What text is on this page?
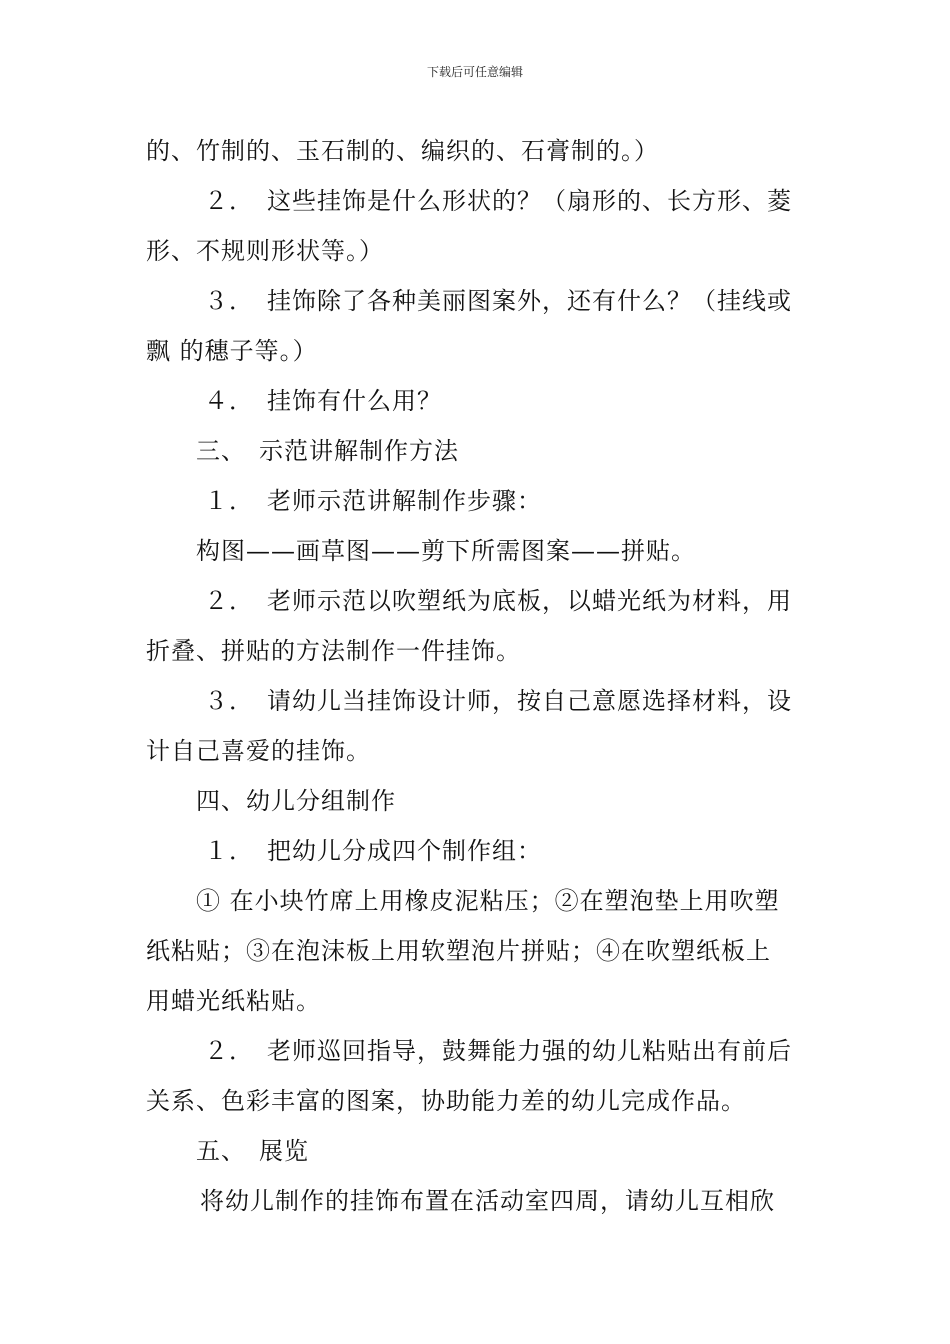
下载后可任意编辑
的、竹制的、玉石制的、编织的、石膏制的。）
２．　这些挂饰是什么形状的？（扇形的、长方形、菱
形、不规则形状等。）
３．　挂饰除了各种美丽图案外，还有什么？（挂线或
飘 的穗子等。）
４．　挂饰有什么用？
三、　示范讲解制作方法
１．　老师示范讲解制作步骤：
构图——画草图——剪下所需图案——拼贴。
２．　老师示范以吹塑纸为底板，以蜡光纸为材料，用
折叠、拼贴的方法制作一件挂饰。
３．　请幼儿当挂饰设计师，按自己意愿选择材料，设
计自己喜爱的挂饰。
四、幼儿分组制作
１．　把幼儿分成四个制作组：
① 在小块竹席上用橡皮泥粘压；②在塑泡垫上用吹塑
纸粘贴；③在泡沫板上用软塑泡片拼贴；④在吹塑纸板上
用蜡光纸粘贴。
２．　老师巡回指导，鼓舞能力强的幼儿粘贴出有前后
关系、色彩丰富的图案，协助能力差的幼儿完成作品。
五、　展览
将幼儿制作的挂饰布置在活动室四周，请幼儿互相欣
